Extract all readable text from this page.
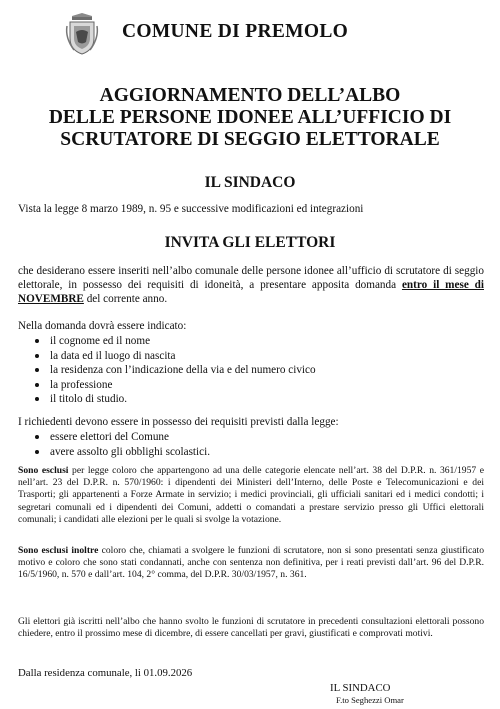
COMUNE DI PREMOLO
AGGIORNAMENTO DELL’ALBO
DELLE PERSONE IDONEE ALL’UFFICIO DI
SCRUTATORE DI SEGGIO ELETTORALE
IL SINDACO
Vista la legge 8 marzo 1989, n. 95 e successive modificazioni ed integrazioni
INVITA GLI ELETTORI
che desiderano essere inseriti nell’albo comunale delle persone idonee all’ufficio di scrutatore di seggio elettorale, in possesso dei requisiti di idoneità, a presentare apposita domanda entro il mese di NOVEMBRE del corrente anno.
Nella domanda dovrà essere indicato:
il cognome ed il nome
la data ed il luogo di nascita
la residenza con l’indicazione della via e del numero civico
la professione
il titolo di studio.
I richiedenti devono essere in possesso dei requisiti previsti dalla legge:
essere elettori del Comune
avere assolto gli obblighi scolastici.
Sono esclusi per legge coloro che appartengono ad una delle categorie elencate nell’art. 38 del D.P.R. n. 361/1957 e nell’art. 23 del D.P.R. n. 570/1960: i dipendenti dei Ministeri dell’Interno, delle Poste e Telecomunicazioni e dei Trasporti; gli appartenenti a Forze Armate in servizio; i medici provinciali, gli ufficiali sanitari ed i medici condotti; i segretari comunali ed i dipendenti dei Comuni, addetti o comandati a prestare servizio presso gli Uffici elettorali comunali; i candidati alle elezioni per le quali si svolge la votazione.
Sono esclusi inoltre coloro che, chiamati a svolgere le funzioni di scrutatore, non si sono presentati senza giustificato motivo e coloro che sono stati condannati, anche con sentenza non definitiva, per i reati previsti dall’art. 96 del D.P.R. 16/5/1960, n. 570 e dall’art. 104, 2° comma, del D.P.R. 30/03/1957, n. 361.
Gli elettori già iscritti nell’albo che hanno svolto le funzioni di scrutatore in precedenti consultazioni elettorali possono chiedere, entro il prossimo mese di dicembre, di essere cancellati per gravi, giustificati e comprovati motivi.
Dalla residenza comunale, li 01.09.2026
IL SINDACO
F.to Seghezzi Omar
